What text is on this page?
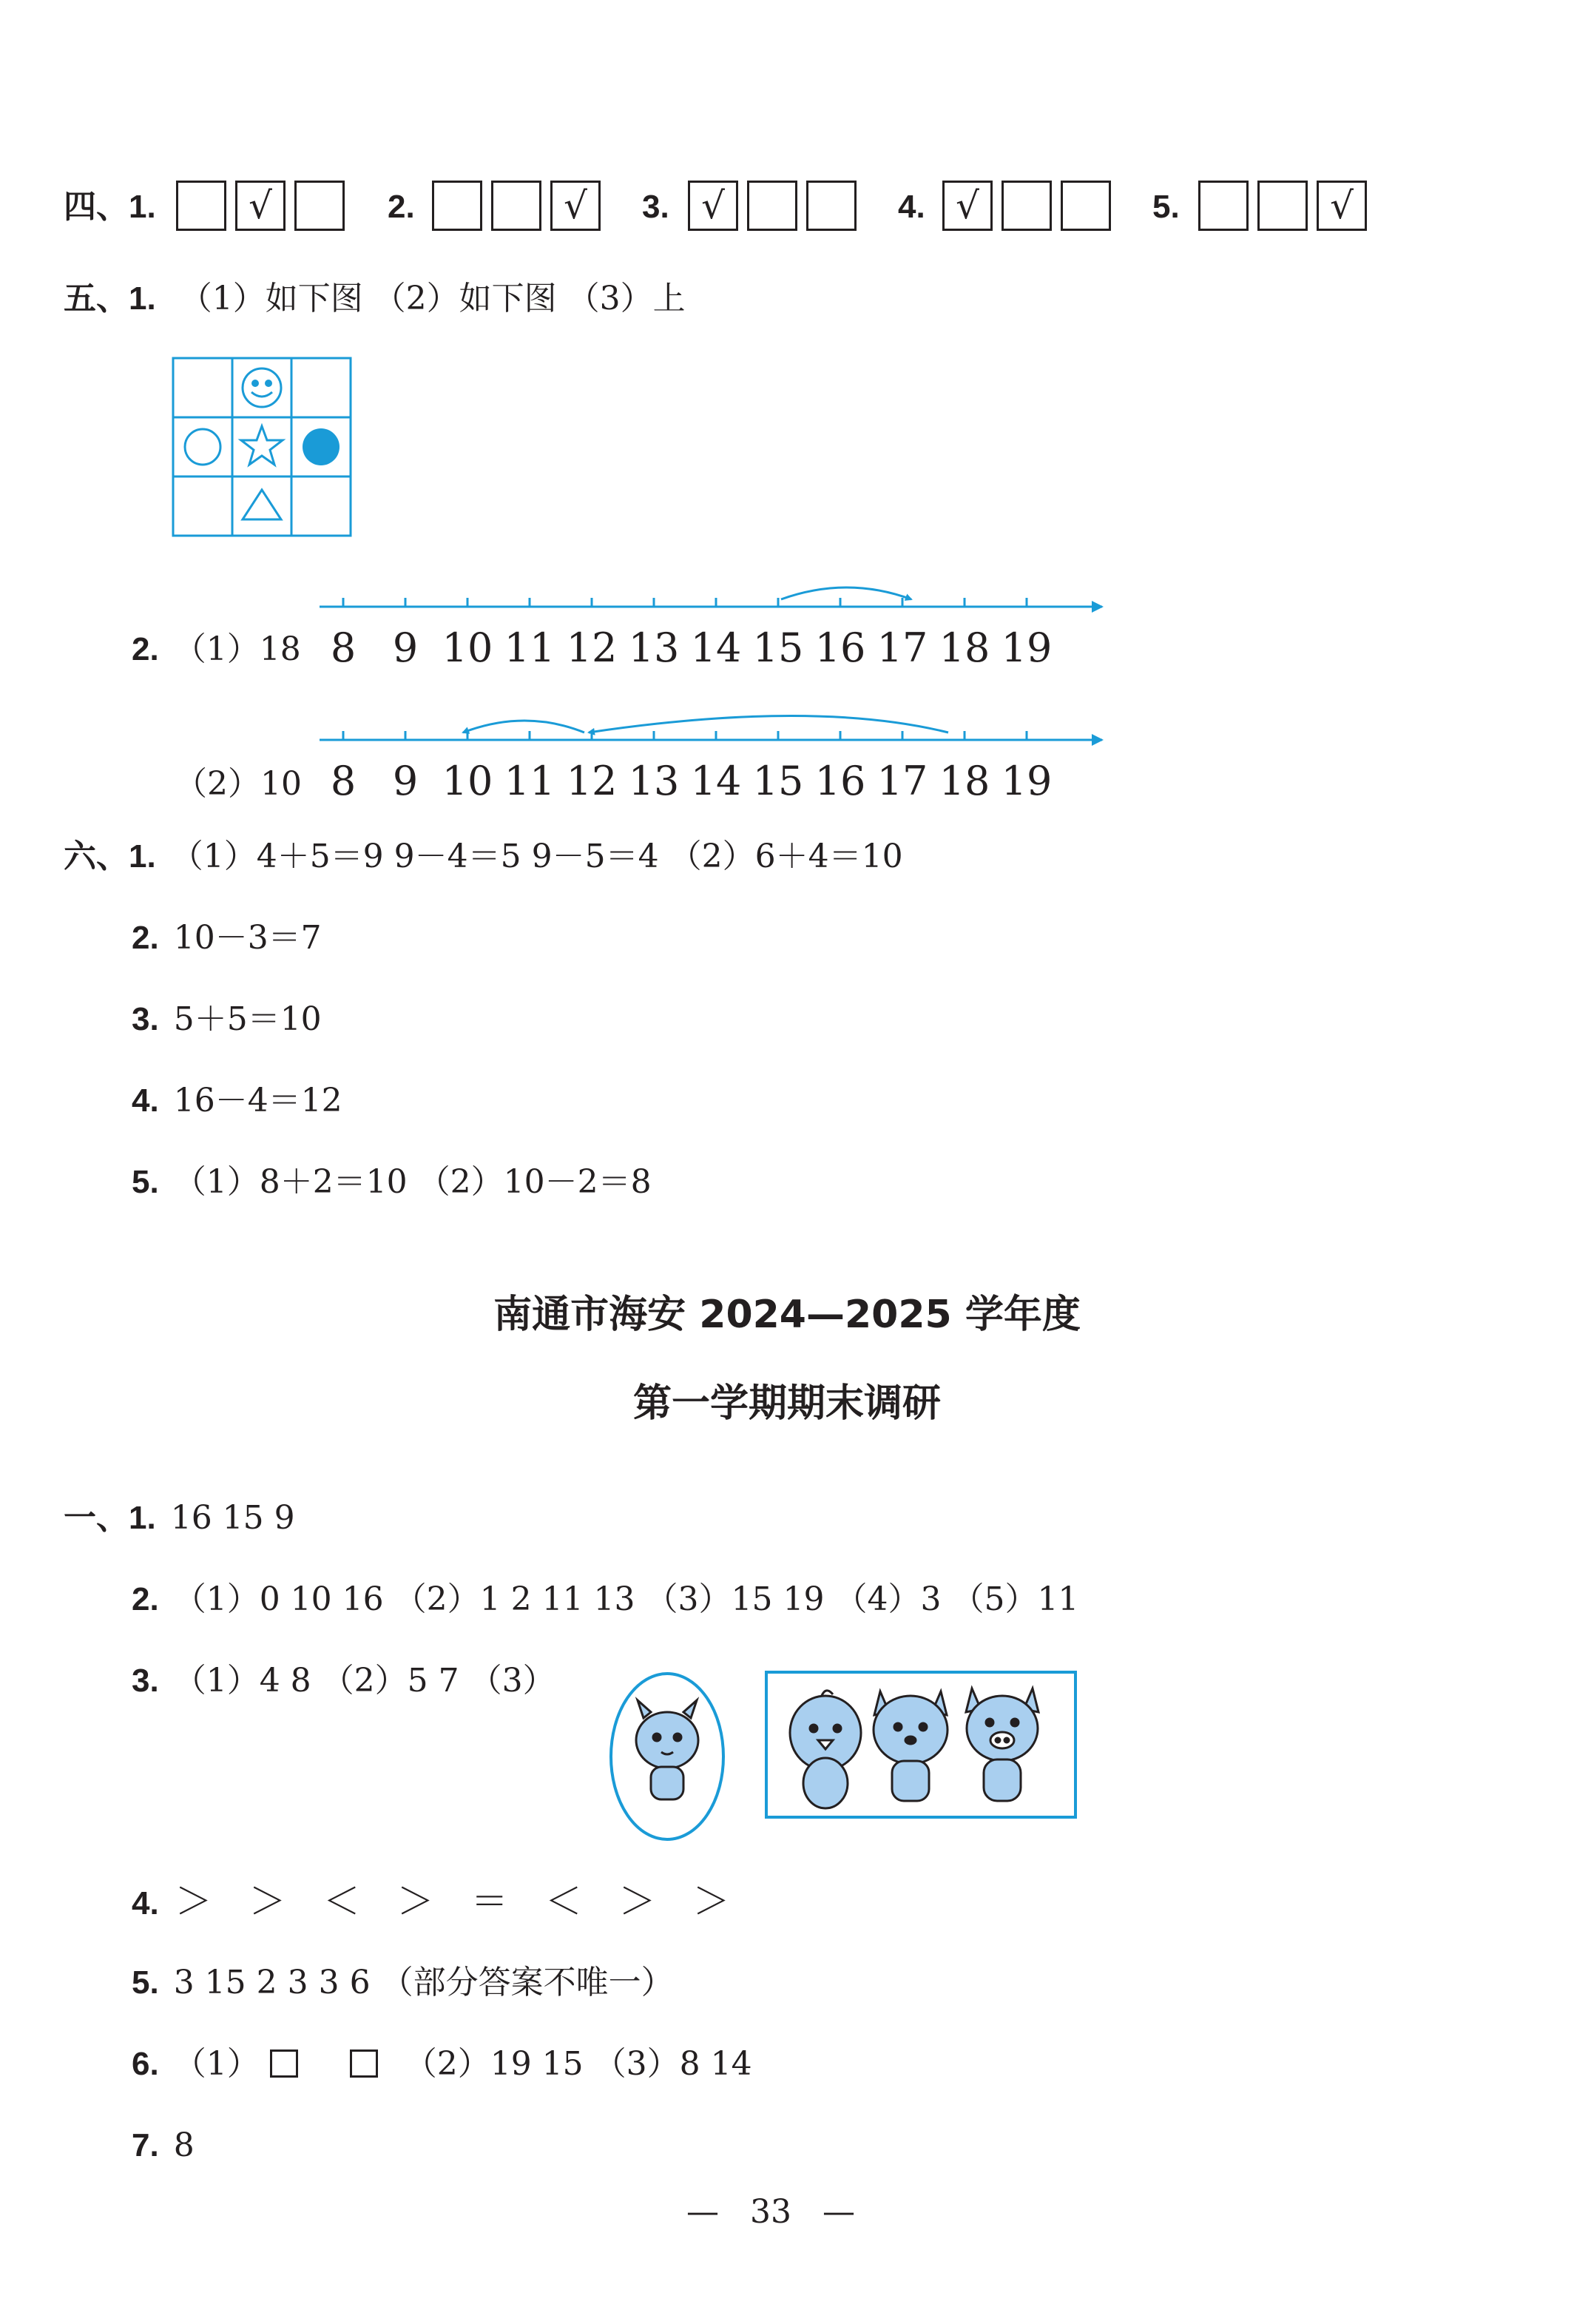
四、1.	2.	3.	4.	5.
√	√	√	√	√
五、1. （1）如下图 （2）如下图 （3）上
2. （1）18
（2）10
8 9 10 11 12 13 14 15 16 17 18 19
8 9 10 11 12 13 14 15 16 17 18 19
六、1. （1）4＋5＝9 9－4＝5 9－5＝4 （2）6＋4＝10
2. 10－3＝7
3. 5＋5＝10
4. 16－4＝12
5. （1）8＋2＝10 （2）10－2＝8
南通市海安 2024—2025 学年度
第一学期期末调研
一、1. 16 15 9
2. （1）0 10 16 （2）1 2 11 13 （3）15 19 （4）3 （5）11
3. （1）4 8 （2）5 7 （3）
4. ＞ ＞ ＜ ＞ ＝ ＜ ＞ ＞
5. 3 15 2 3 3 6 （部分答案不唯一）
6. （1）	（2）19 15 （3）8 14
7. 8
— 33 —
